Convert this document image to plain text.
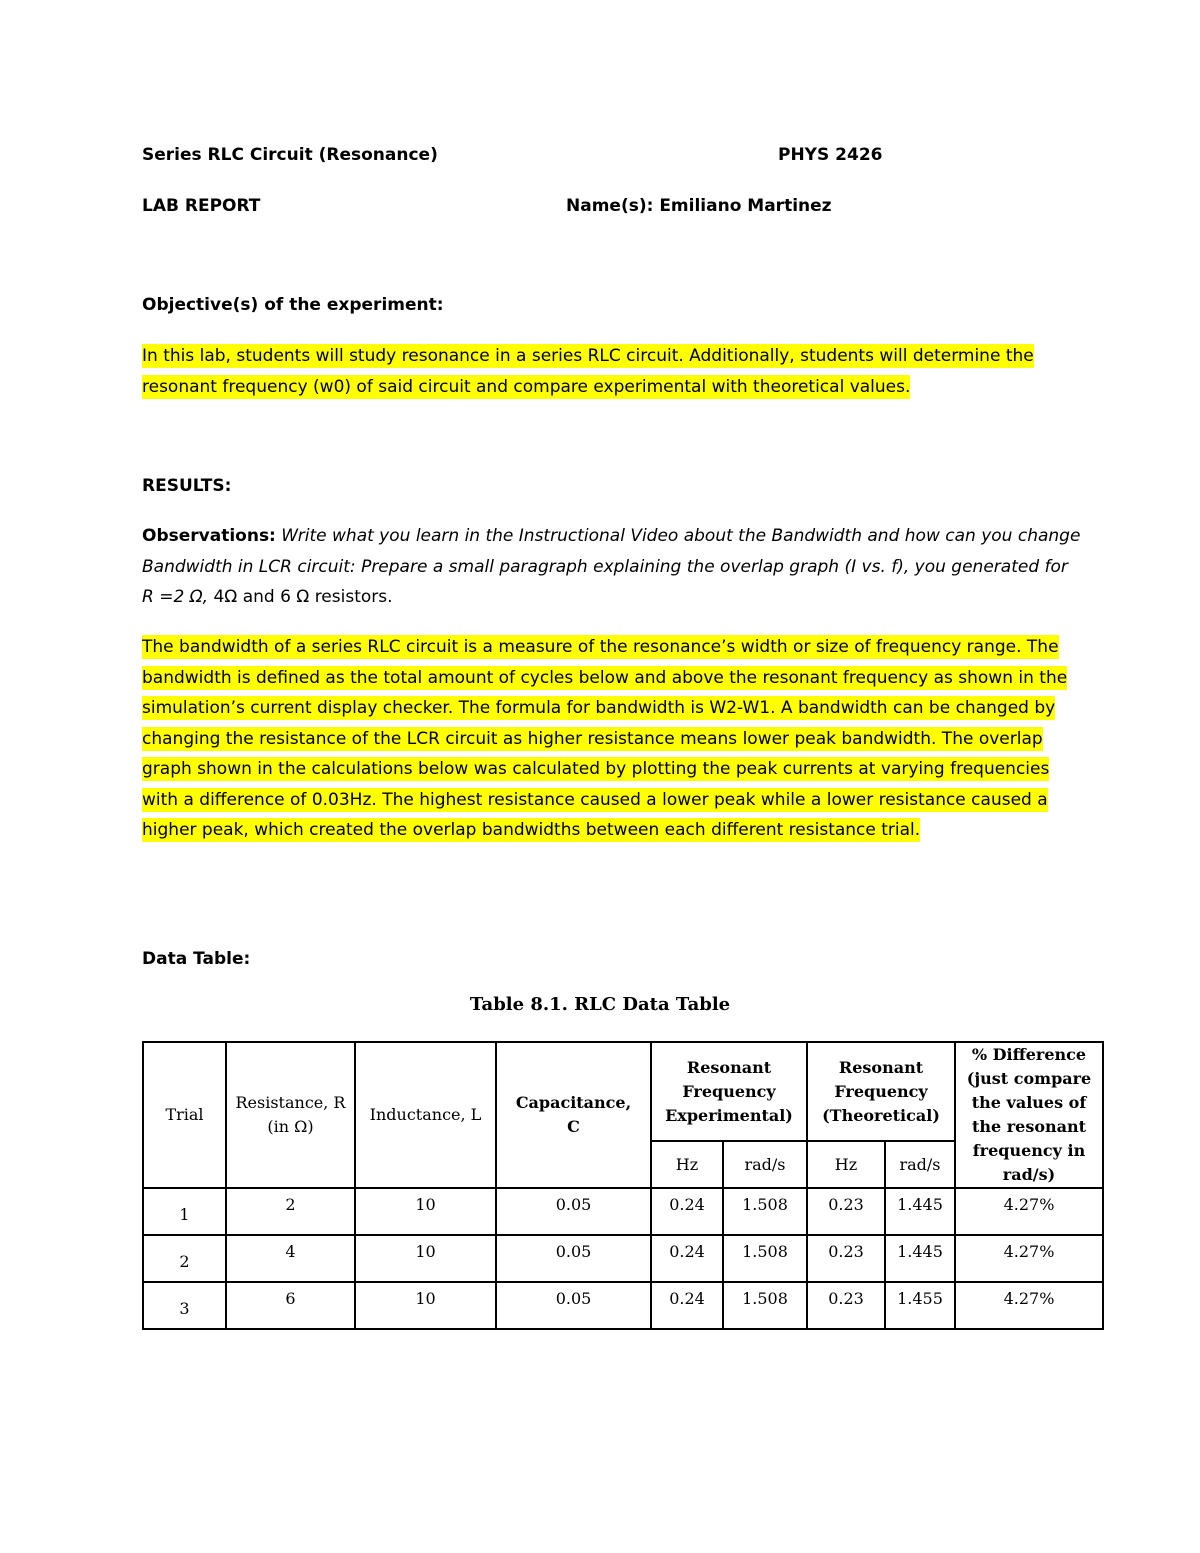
Series RLC Circuit (Resonance)	PHYS 2426
LAB REPORT	Name(s): Emiliano Martinez
Objective(s) of the experiment:
In this lab, students will study resonance in a series RLC circuit. Additionally, students will determine the resonant frequency (w0) of said circuit and compare experimental with theoretical values.
RESULTS:
Observations: Write what you learn in the Instructional Video about the Bandwidth and how can you change Bandwidth in LCR circuit: Prepare a small paragraph explaining the overlap graph (I vs. f), you generated for R =2 Ω, 4Ω and 6 Ω resistors.
The bandwidth of a series RLC circuit is a measure of the resonance’s width or size of frequency range. The bandwidth is defined as the total amount of cycles below and above the resonant frequency as shown in the simulation’s current display checker. The formula for bandwidth is W2-W1. A bandwidth can be changed by changing the resistance of the LCR circuit as higher resistance means lower peak bandwidth. The overlap graph shown in the calculations below was calculated by plotting the peak currents at varying frequencies with a difference of 0.03Hz. The highest resistance caused a lower peak while a lower resistance caused a higher peak, which created the overlap bandwidths between each different resistance trial.
Data Table:
Table 8.1. RLC Data Table
Trial	Resistance, R (in Ω)	Inductance, L	Capacitance, C	Resonant Frequency Experimental)		Resonant Frequency (Theoretical)		% Difference (just compare the values of the resonant frequency in rad/s)
				Hz	rad/s	Hz	rad/s	
1	2	10	0.05	0.24	1.508	0.23	1.445	4.27%
2	4	10	0.05	0.24	1.508	0.23	1.445	4.27%
3	6	10	0.05	0.24	1.508	0.23	1.455	4.27%
